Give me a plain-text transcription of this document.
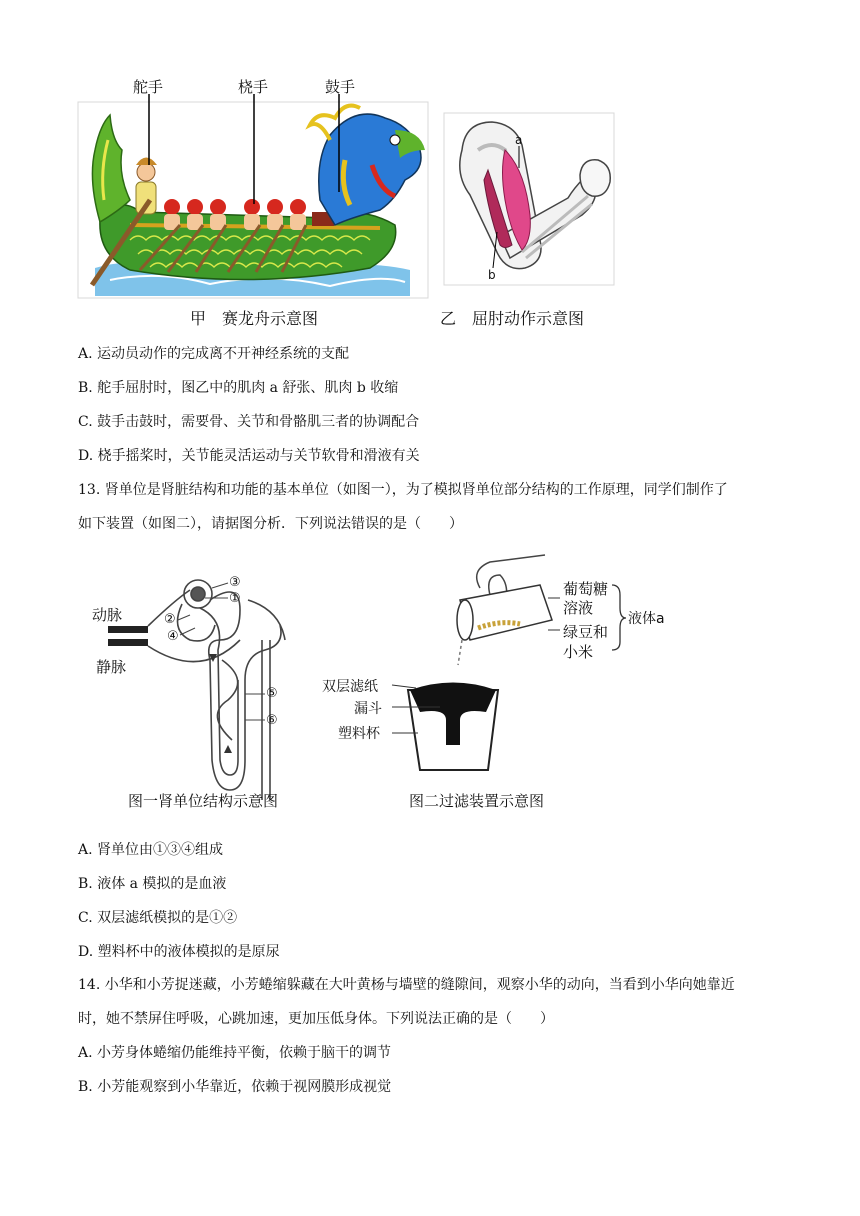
舵手	桡手	鼓手
甲　赛龙舟示意图
a
b
乙　屈肘动作示意图
A. 运动员动作的完成离不开神经系统的支配
B. 舵手屈肘时，图乙中的肌肉 a 舒张、肌肉 b 收缩
C. 鼓手击鼓时，需要骨、关节和骨骼肌三者的协调配合
D. 桡手摇桨时，关节能灵活运动与关节软骨和滑液有关
13. 肾单位是肾脏结构和功能的基本单位（如图一），为了模拟肾单位部分结构的工作原理，同学们制作了
如下装置（如图二），请据图分析．下列说法错误的是（　　）
动脉
静脉
③
①
②
④
⑤
⑥
图一肾单位结构示意图
葡萄糖
溶液
绿豆和
小米
液体a
双层滤纸
漏斗
塑料杯
图二过滤装置示意图
A. 肾单位由①③④组成
B. 液体 a 模拟的是血液
C. 双层滤纸模拟的是①②
D. 塑料杯中的液体模拟的是原尿
14. 小华和小芳捉迷藏，小芳蜷缩躲藏在大叶黄杨与墙壁的缝隙间，观察小华的动向，当看到小华向她靠近
时，她不禁屏住呼吸，心跳加速，更加压低身体。下列说法正确的是（　　）
A. 小芳身体蜷缩仍能维持平衡，依赖于脑干的调节
B. 小芳能观察到小华靠近，依赖于视网膜形成视觉
